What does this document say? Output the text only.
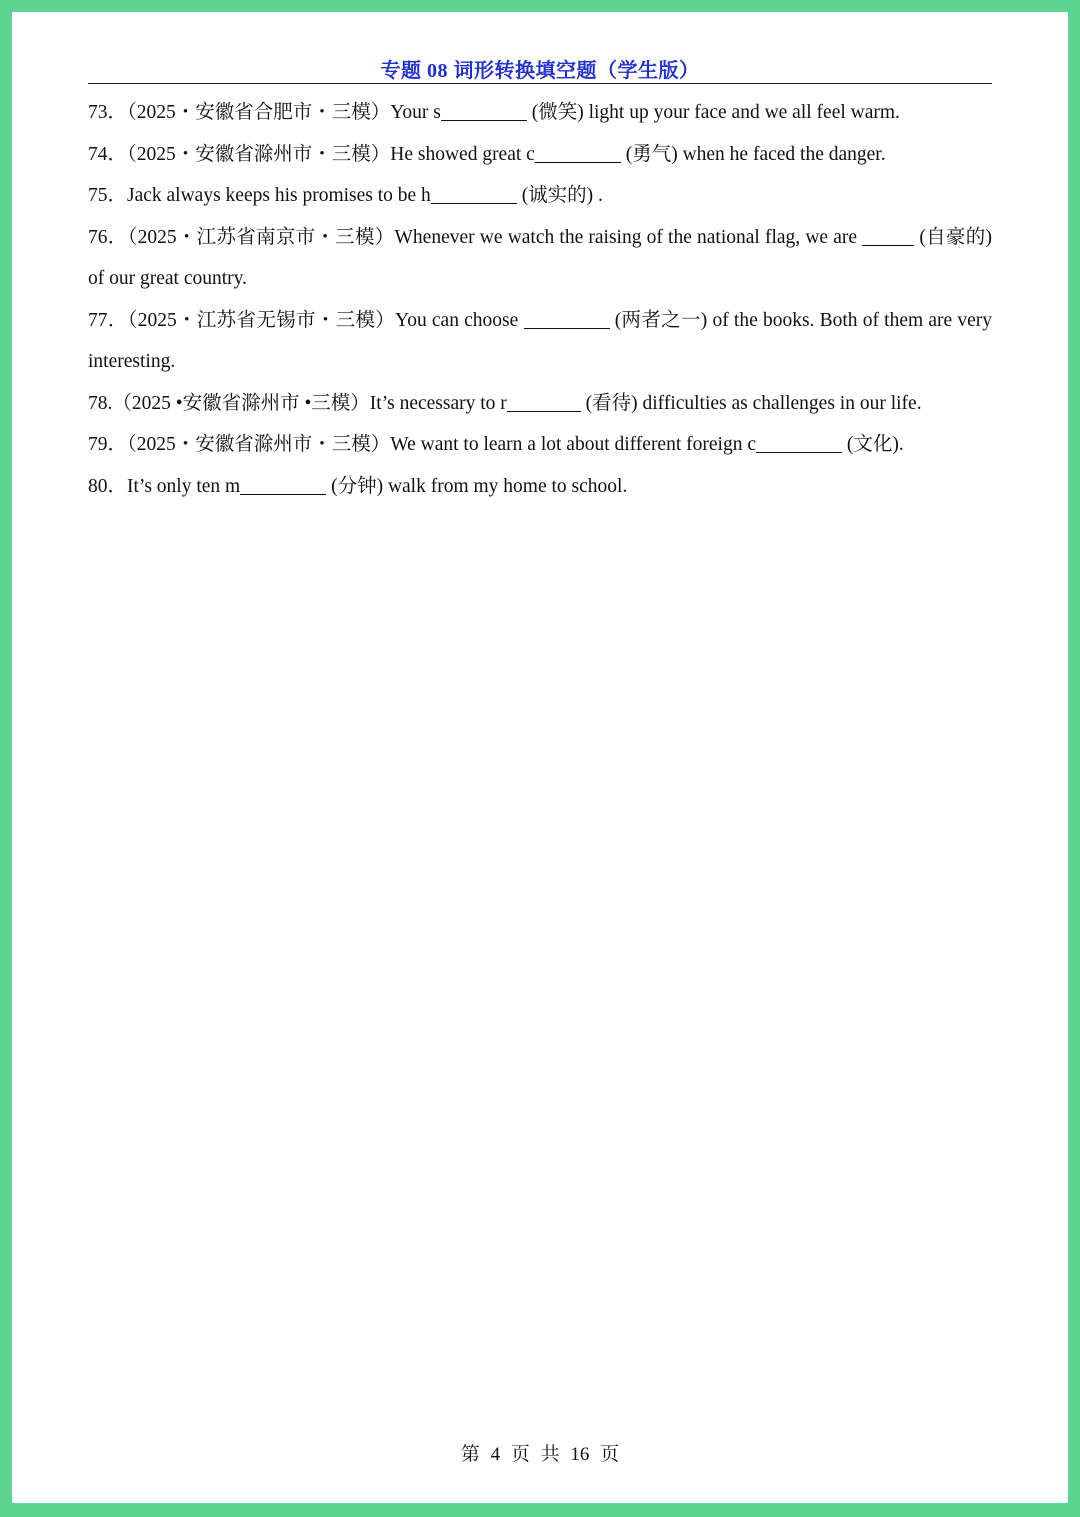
专题 08 词形转换填空题（学生版）
73．（2025・安徽省合肥市・三模）Your s	(微笑) light up your face and we all feel warm.
74．（2025・安徽省滁州市・三模）He showed great c	(勇气) when he faced the danger.
75．Jack always keeps his promises to be h	(诚实的) .
76．（2025・江苏省南京市・三模）Whenever we watch the raising of the national flag, we are	(自豪的) of our great country.
77．（2025・江苏省无锡市・三模）You can choose	(两者之一) of the books. Both of them are very interesting.
78.（2025 •安徽省滁州市 •三模）It’s necessary to r	(看待) difficulties as challenges in our life.
79．（2025・安徽省滁州市・三模）We want to learn a lot about different foreign c	(文化).
80．It’s only ten m	(分钟) walk from my home to school.
第 4 页 共 16 页
